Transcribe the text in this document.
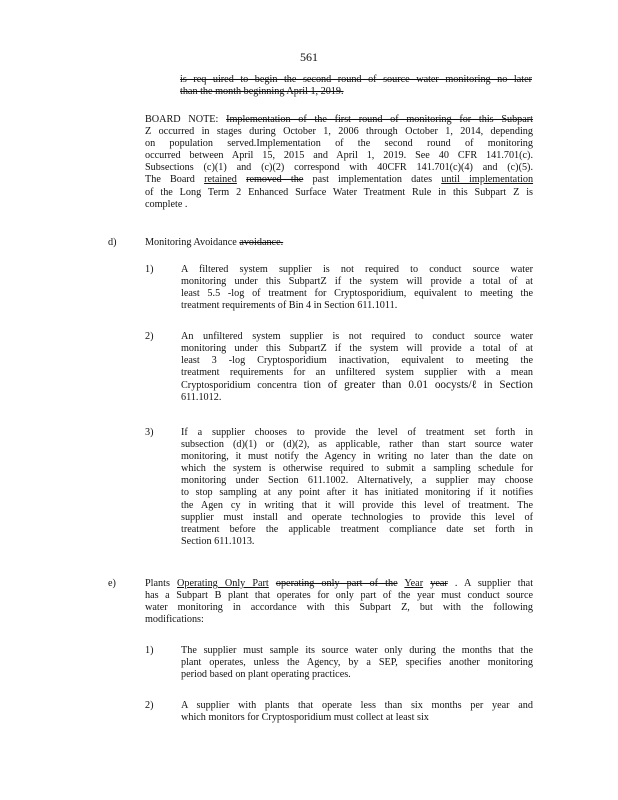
561
is req uired to begin the second round of source water monitoring no later
than the month beginning April 1, 2019.
BOARD NOTE: Implementation of the first round of monitoring for this Subpart
Z occurred in stages during October 1, 2006 through October 1, 2014, depending
on population served.Implementation of the second round of monitoring
occurred between April 15, 2015 and April 1, 2019. See 40 CFR 141.701(c).
Subsections (c)(1) and (c)(2) correspond with 40CFR 141.701(c)(4) and (c)(5).
The Board retained removed the past implementation dates until implementation
of the Long Term 2 Enhanced Surface Water Treatment Rule in this Subpart Z is
complete .
d)	Monitoring Avoidance avoidance.
1)	A filtered system supplier is not required to conduct source water
monitoring under this SubpartZ if the system will provide a total of at
least 5.5 -log of treatment for Cryptosporidium, equivalent to meeting the
treatment requirements of Bin 4 in Section 611.1011.
2)	An unfiltered system supplier is not required to conduct source water
monitoring under this SubpartZ if the system will provide a total of at
least 3 -log Cryptosporidium inactivation, equivalent to meeting the
treatment requirements for an unfiltered system supplier with a mean
Cryptosporidium concentra tion of greater than 0.01 oocysts/ℓ in Section
611.1012.
3)	If a supplier chooses to provide the level of treatment set forth in
subsection (d)(1) or (d)(2), as applicable, rather than start source water
monitoring, it must notify the Agency in writing no later than the date on
which the system is otherwise required to submit a sampling schedule for
monitoring under Section 611.1002. Alternatively, a supplier may choose
to stop sampling at any point after it has initiated monitoring if it notifies
the Agen cy in writing that it will provide this level of treatment. The
supplier must install and operate technologies to provide this level of
treatment before the applicable treatment compliance date set forth in
Section 611.1013.
e)	Plants Operating Only Part operating only part of the Year year . A supplier that
has a Subpart B plant that operates for only part of the year must conduct source
water monitoring in accordance with this Subpart Z, but with the following
modifications:
1)	The supplier must sample its source water only during the months that the
plant operates, unless the Agency, by a SEP, specifies another monitoring
period based on plant operating practices.
2)	A supplier with plants that operate less than six months per year and
which monitors for Cryptosporidium must collect at least six
